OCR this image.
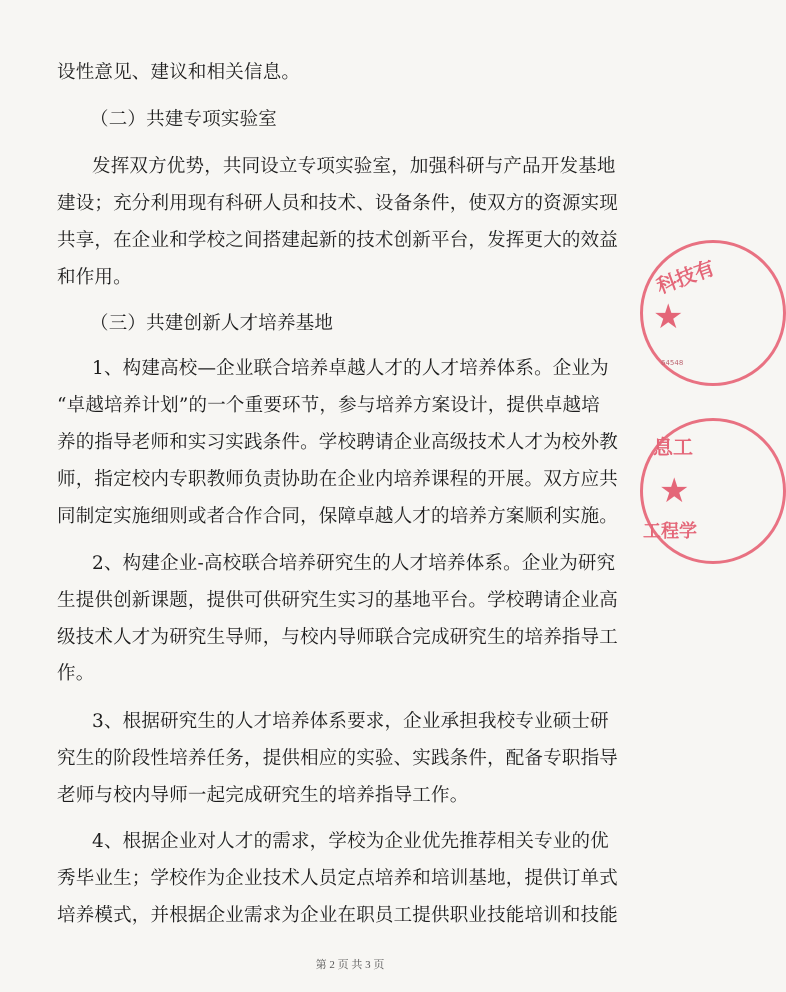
设性意见、建议和相关信息。
（二）共建专项实验室
发挥双方优势，共同设立专项实验室，加强科研与产品开发基地
建设；充分利用现有科研人员和技术、设备条件，使双方的资源实现
共享，在企业和学校之间搭建起新的技术创新平台，发挥更大的效益
和作用。
（三）共建创新人才培养基地
1、构建高校—企业联合培养卓越人才的人才培养体系。企业为
“卓越培养计划”的一个重要环节，参与培养方案设计，提供卓越培
养的指导老师和实习实践条件。学校聘请企业高级技术人才为校外教
师，指定校内专职教师负责协助在企业内培养课程的开展。双方应共
同制定实施细则或者合作合同，保障卓越人才的培养方案顺利实施。
2、构建企业-高校联合培养研究生的人才培养体系。企业为研究
生提供创新课题，提供可供研究生实习的基地平台。学校聘请企业高
级技术人才为研究生导师，与校内导师联合完成研究生的培养指导工
作。
3、根据研究生的人才培养体系要求，企业承担我校专业硕士研
究生的阶段性培养任务，提供相应的实验、实践条件，配备专职指导
老师与校内导师一起完成研究生的培养指导工作。
4、根据企业对人才的需求，学校为企业优先推荐相关专业的优
秀毕业生；学校作为企业技术人员定点培养和培训基地，提供订单式
培养模式，并根据企业需求为企业在职员工提供职业技能培训和技能
第 2 页 共 3 页
科技有
★
64548
息工
★
工程学
